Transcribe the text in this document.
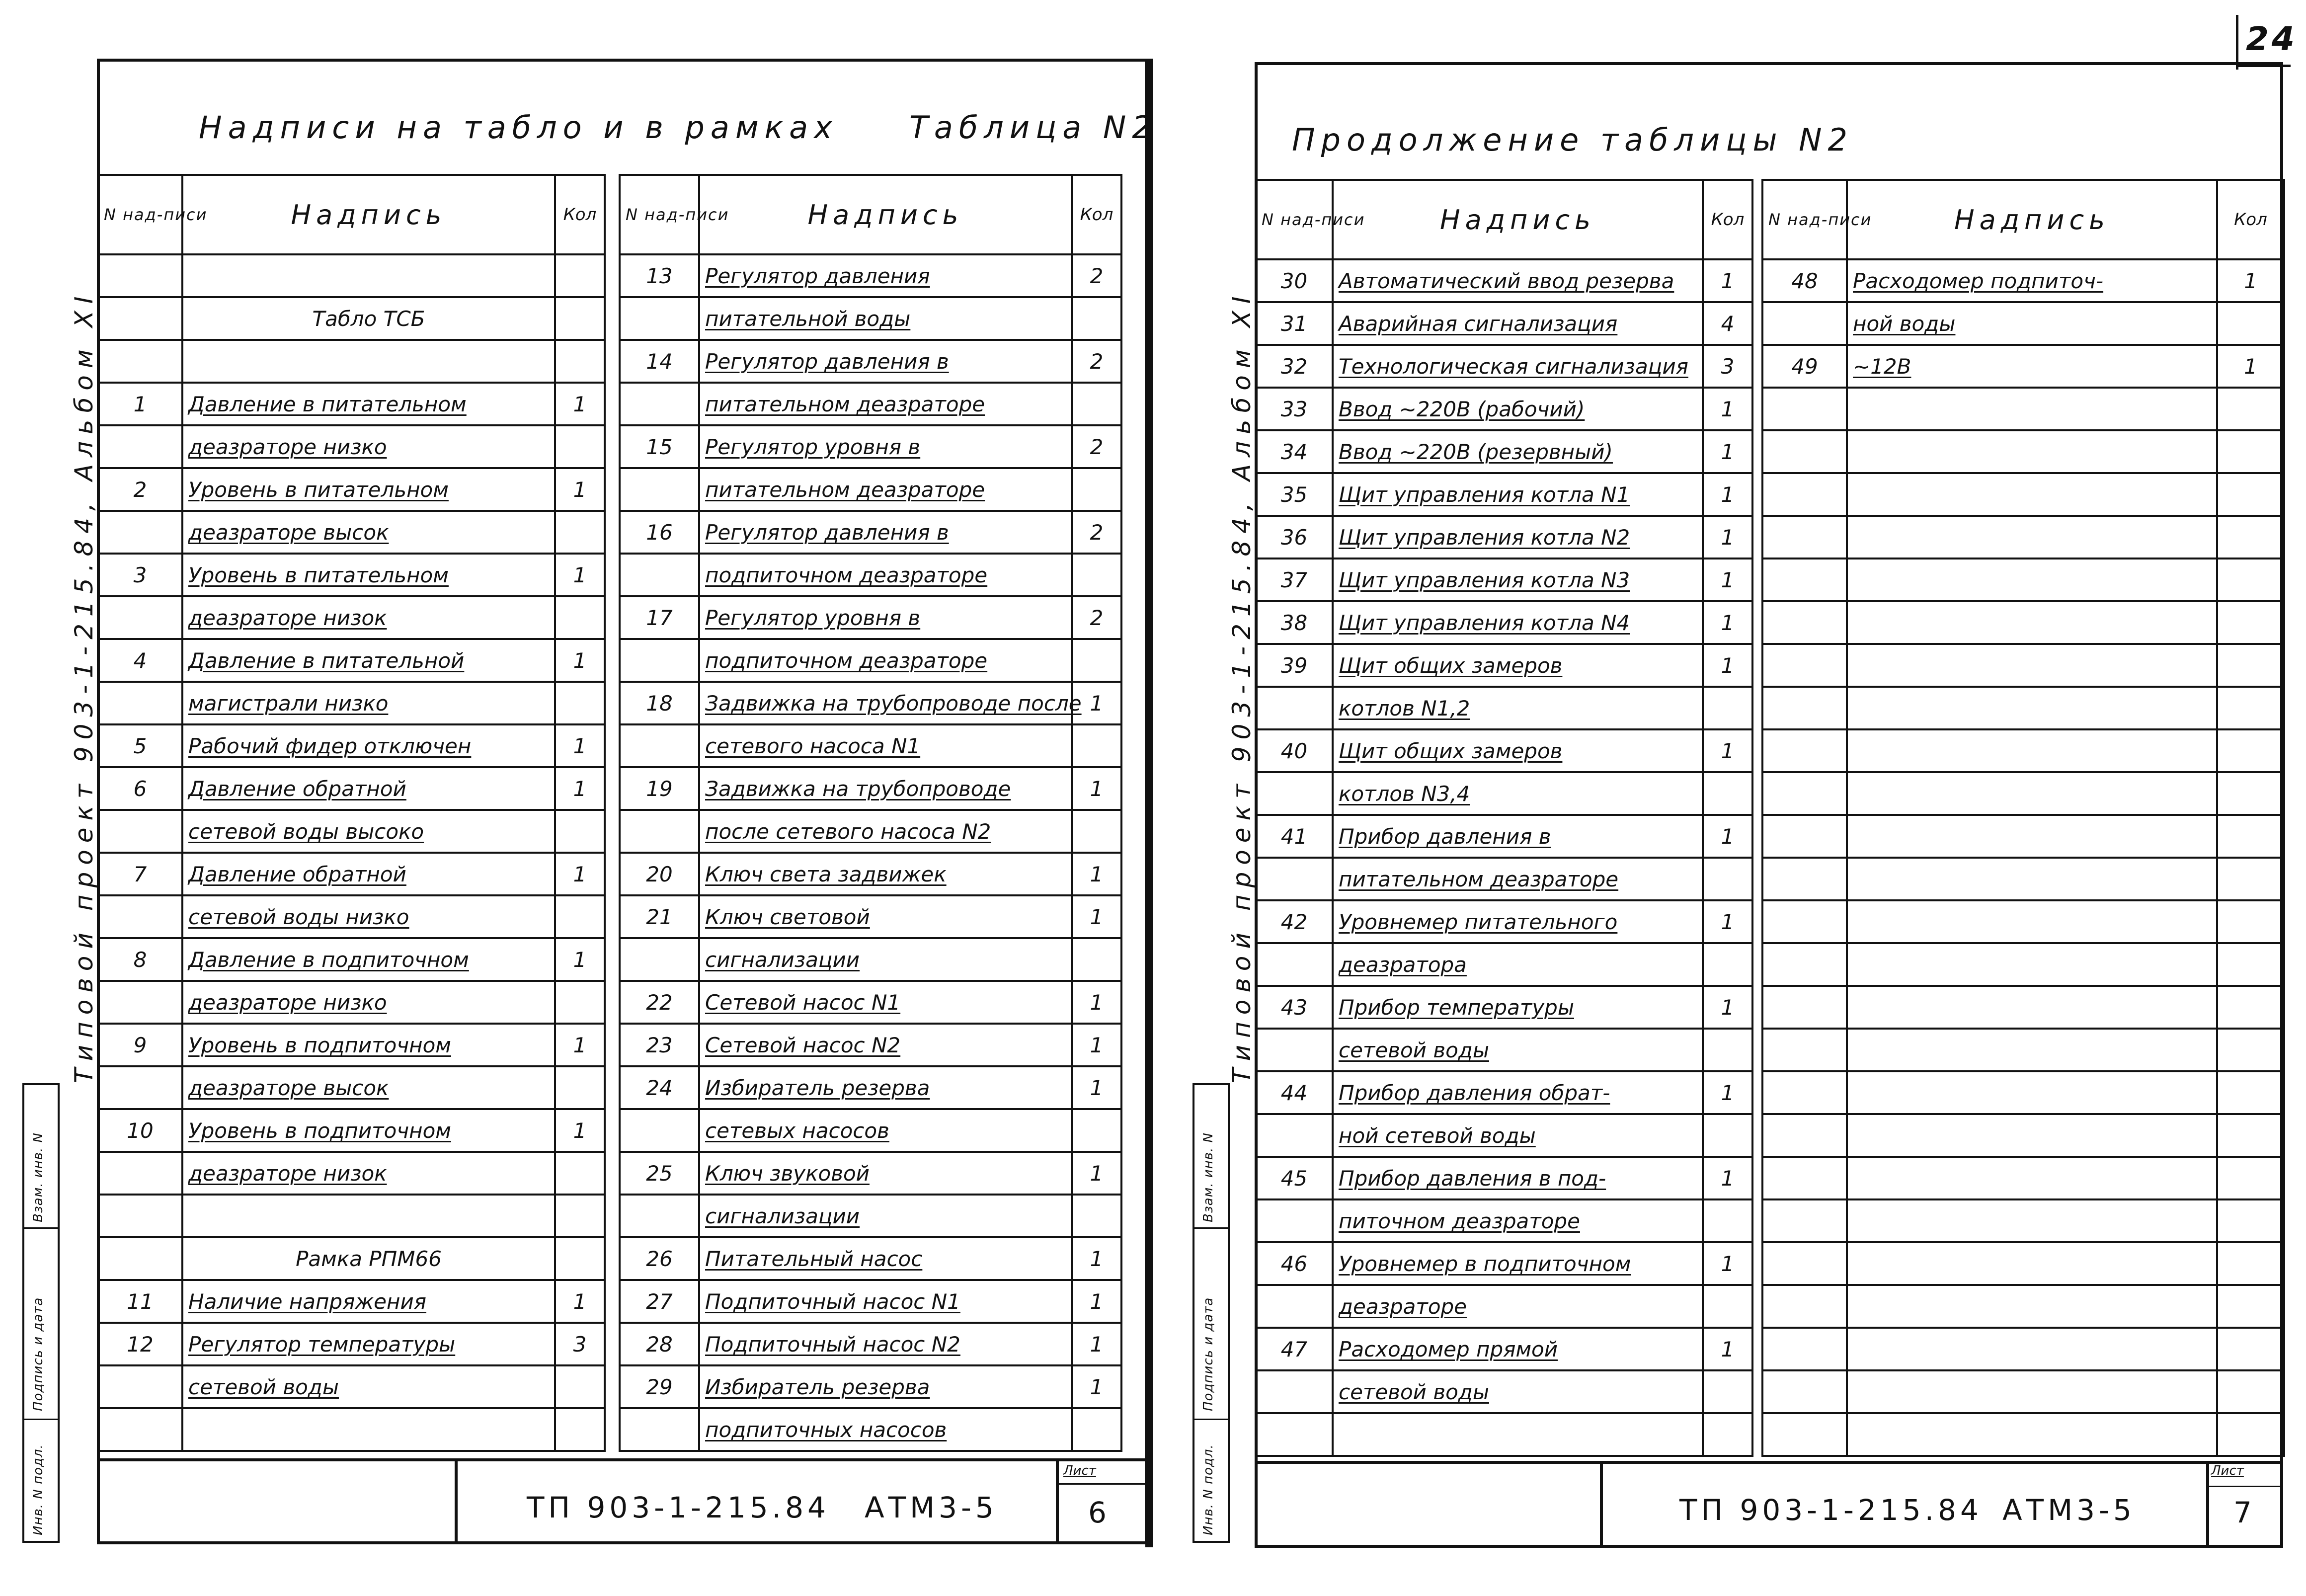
24
Типовой проект 903-1-215.84, Альбом XI
Надписи на табло и в рамках Таблица N2
N над-писи	Надпись	Кол

	Табло ТСБ	

1	Давление в питательном	1
	деазраторе низко	
2	Уровень в питательном	1
	деазраторе высок	
3	Уровень в питательном	1
	деазраторе низок	
4	Давление в питательной	1
	магистрали низко	
5	Рабочий фидер отключен	1
6	Давление обратной	1
	сетевой воды высоко	
7	Давление обратной	1
	сетевой воды низко	
8	Давление в подпиточном	1
	деазраторе низко	
9	Уровень в подпиточном	1
	деазраторе высок	
10	Уровень в подпиточном	1
	деазраторе низок	

	Рамка РПМ66	
11	Наличие напряжения	1
12	Регулятор температуры	3
	сетевой воды	

N над-писи	Надпись	Кол
13	Регулятор давления	2
	питательной воды	
14	Регулятор давления в	2
	питательном деазраторе	
15	Регулятор уровня в	2
	питательном деазраторе	
16	Регулятор давления в	2
	подпиточном деазраторе	
17	Регулятор уровня в	2
	подпиточном деазраторе	
18	Задвижка на трубопроводе после	1
	сетевого насоса N1	
19	Задвижка на трубопроводе	1
	после сетевого насоса N2	
20	Ключ света задвижек	1
21	Ключ световой	1
	сигнализации	
22	Сетевой насос N1	1
23	Сетевой насос N2	1
24	Избиратель резерва	1
	сетевых насосов	
25	Ключ звуковой	1
	сигнализации	
26	Питательный насос	1
27	Подпиточный насос N1	1
28	Подпиточный насос N2	1
29	Избиратель резерва	1
	подпиточных насосов	
ТП 903-1-215.84 АТМ3-5
Лист
6
Взам. инв. N
Подпись и дата
Инв. N подл.
Типовой проект 903-1-215.84, Альбом XI
Продолжение таблицы N2
N над-писи	Надпись	Кол
30	Автоматический ввод резерва	1
31	Аварийная сигнализация	4
32	Технологическая сигнализация	3
33	Ввод ~220В (рабочий)	1
34	Ввод ~220В (резервный)	1
35	Щит управления котла N1	1
36	Щит управления котла N2	1
37	Щит управления котла N3	1
38	Щит управления котла N4	1
39	Щит общих замеров	1
	котлов N1,2	
40	Щит общих замеров	1
	котлов N3,4	
41	Прибор давления в	1
	питательном деазраторе	
42	Уровнемер питательного	1
	деазратора	
43	Прибор температуры	1
	сетевой воды	
44	Прибор давления обрат-	1
	ной сетевой воды	
45	Прибор давления в под-	1
	питочном деазраторе	
46	Уровнемер в подпиточном	1
	деазраторе	
47	Расходомер прямой	1
	сетевой воды	

N над-писи	Надпись	Кол
48	Расходомер подпиточ-	1
	ной воды	
49	~12В	1

ТП 903-1-215.84 АТМ3-5
Лист
7
Взам. инв. N
Подпись и дата
Инв. N подл.
